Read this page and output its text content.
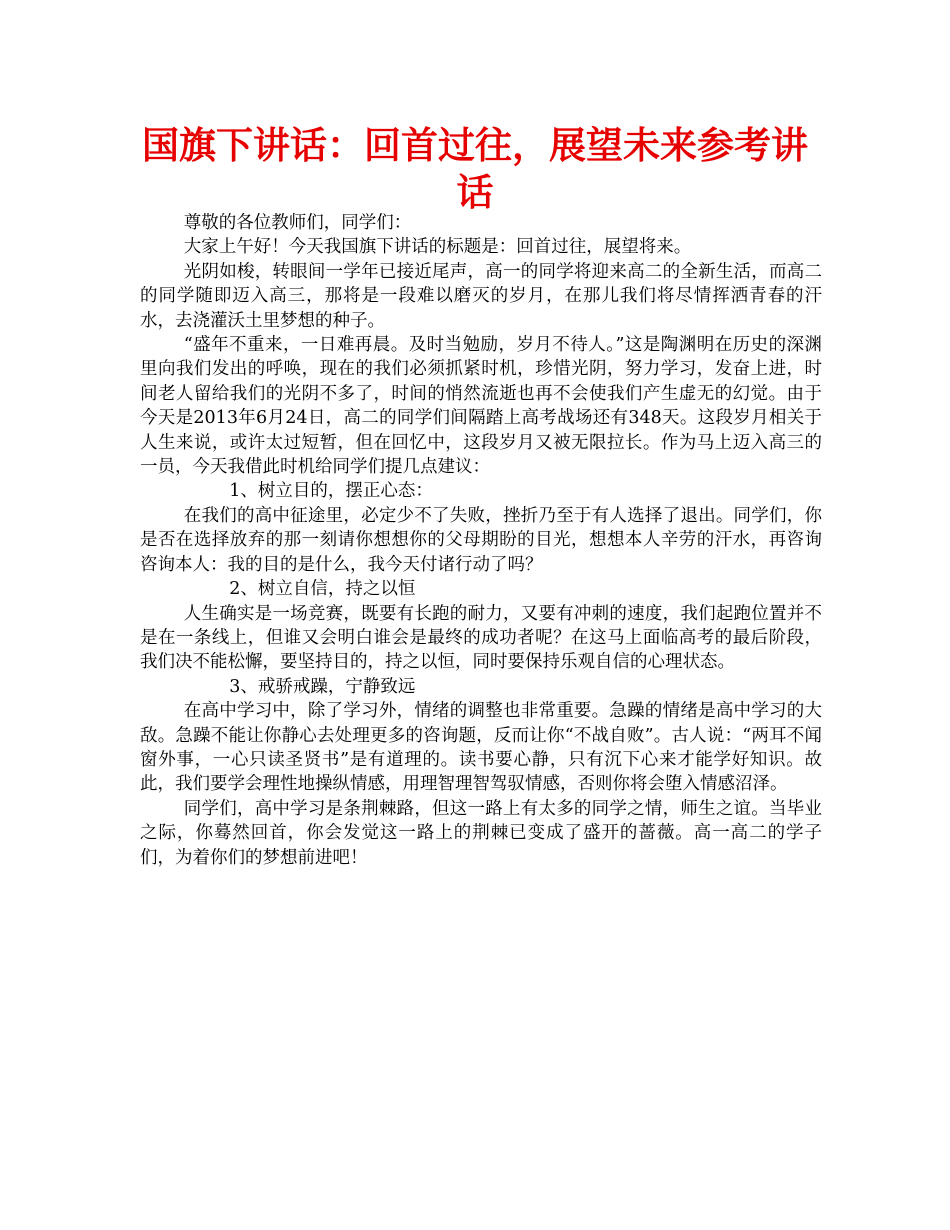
国旗下讲话：回首过往，展望未来参考讲话

尊敬的各位教师们，同学们：

大家上午好！今天我国旗下讲话的标题是：回首过往，展望将来。

光阴如梭，转眼间一学年已接近尾声，高一的同学将迎来高二的全新生活，而高二的同学随即迈入高三，那将是一段难以磨灭的岁月，在那儿我们将尽情挥洒青春的汗水，去浇灌沃土里梦想的种子。

“盛年不重来，一日难再晨。及时当勉励，岁月不待人。”这是陶渊明在历史的深渊里向我们发出的呼唤，现在的我们必须抓紧时机，珍惜光阴，努力学习，发奋上进，时间老人留给我们的光阴不多了，时间的悄然流逝也再不会使我们产生虚无的幻觉。由于今天是2013年6月24日，高二的同学们间隔踏上高考战场还有348天。这段岁月相关于人生来说，或许太过短暂，但在回忆中，这段岁月又被无限拉长。作为马上迈入高三的一员，今天我借此时机给同学们提几点建议：

1、树立目的，摆正心态：

在我们的高中征途里，必定少不了失败，挫折乃至于有人选择了退出。同学们，你是否在选择放弃的那一刻请你想想你的父母期盼的目光，想想本人辛劳的汗水，再咨询咨询本人：我的目的是什么，我今天付诸行动了吗？

2、树立自信，持之以恒

人生确实是一场竞赛，既要有长跑的耐力，又要有冲刺的速度，我们起跑位置并不是在一条线上，但谁又会明白谁会是最终的成功者呢？在这马上面临高考的最后阶段，我们决不能松懈，要坚持目的，持之以恒，同时要保持乐观自信的心理状态。

3、戒骄戒躁，宁静致远

在高中学习中，除了学习外，情绪的调整也非常重要。急躁的情绪是高中学习的大敌。急躁不能让你静心去处理更多的咨询题，反而让你“不战自败”。古人说：“两耳不闻窗外事，一心只读圣贤书”是有道理的。读书要心静，只有沉下心来才能学好知识。故此，我们要学会理性地操纵情感，用理智理智驾驭情感，否则你将会堕入情感沼泽。

同学们，高中学习是条荆棘路，但这一路上有太多的同学之情，师生之谊。当毕业之际，你蓦然回首，你会发觉这一路上的荆棘已变成了盛开的蔷薇。高一高二的学子们，为着你们的梦想前进吧！
